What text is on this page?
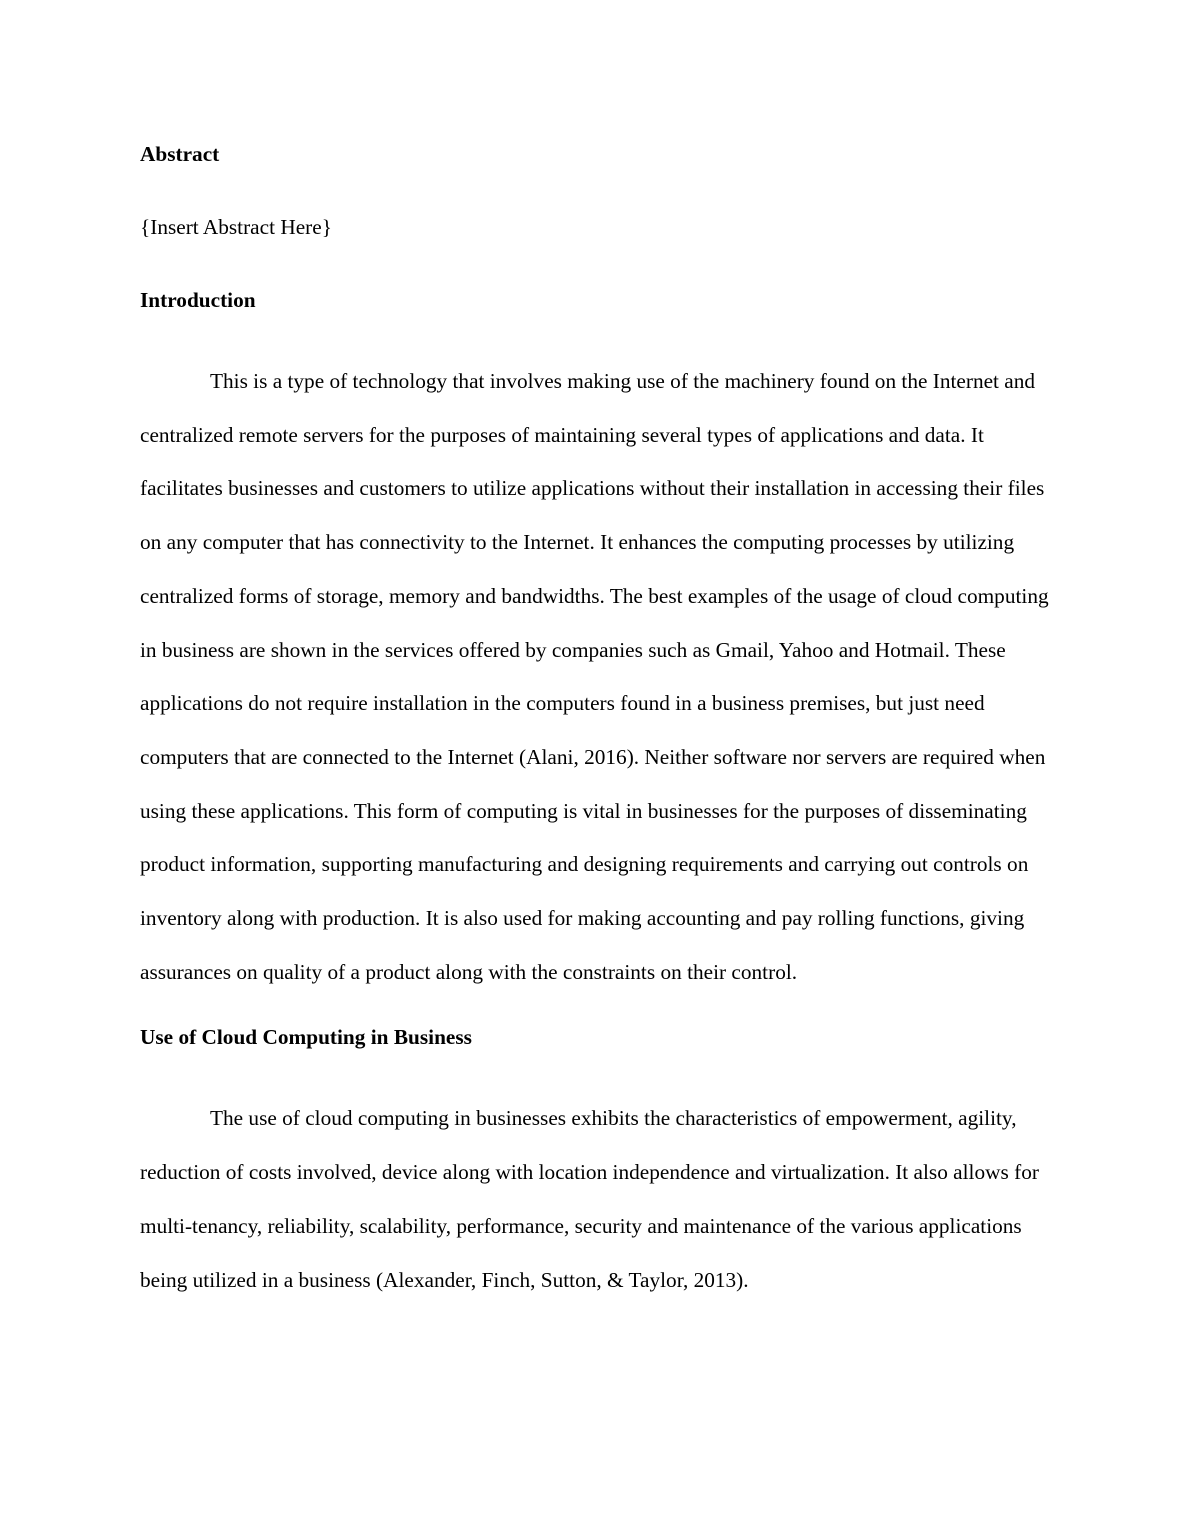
Abstract
{Insert Abstract Here}
Introduction

This is a type of technology that involves making use of the machinery found on the Internet and centralized remote servers for the purposes of maintaining several types of applications and data. It facilitates businesses and customers to utilize applications without their installation in accessing their files on any computer that has connectivity to the Internet. It enhances the computing processes by utilizing centralized forms of storage, memory and bandwidths. The best examples of the usage of cloud computing in business are shown in the services offered by companies such as Gmail, Yahoo and Hotmail. These applications do not require installation in the computers found in a business premises, but just need computers that are connected to the Internet (Alani, 2016). Neither software nor servers are required when using these applications. This form of computing is vital in businesses for the purposes of disseminating product information, supporting manufacturing and designing requirements and carrying out controls on inventory along with production. It is also used for making accounting and pay rolling functions, giving assurances on quality of a product along with the constraints on their control.

Use of Cloud Computing in Business

The use of cloud computing in businesses exhibits the characteristics of empowerment, agility, reduction of costs involved, device along with location independence and virtualization. It also allows for multi-tenancy, reliability, scalability, performance, security and maintenance of the various applications being utilized in a business (Alexander, Finch, Sutton, & Taylor, 2013).
